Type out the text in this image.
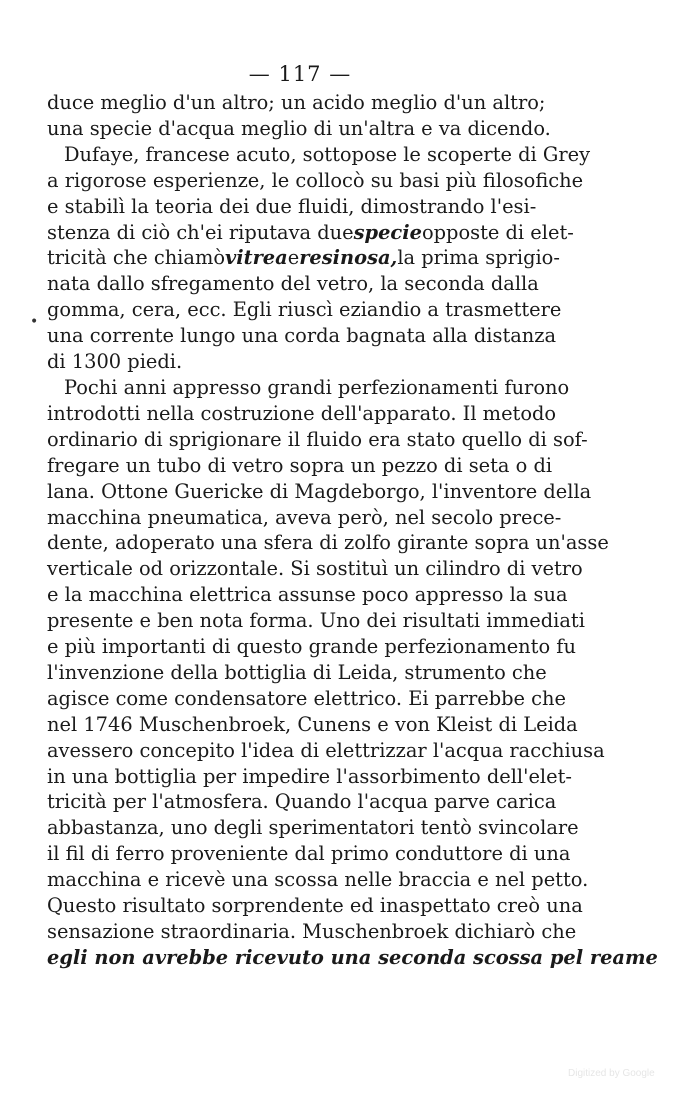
— 117 —
•
duce meglio d'un altro; un acido meglio d'un altro;
una specie d'acqua meglio di un'altra e va dicendo.
Dufaye, francese acuto, sottopose le scoperte di Grey
a rigorose esperienze, le collocò su basi più filosofiche
e stabilì la teoria dei due fluidi, dimostrando l'esi-
stenza di ciò ch'ei riputava due specie opposte di elet-
tricità che chiamò vitrea e resinosa, la prima sprigio-
nata dallo sfregamento del vetro, la seconda dalla
gomma, cera, ecc. Egli riuscì eziandio a trasmettere
una corrente lungo una corda bagnata alla distanza
di 1300 piedi.
Pochi anni appresso grandi perfezionamenti furono
introdotti nella costruzione dell'apparato. Il metodo
ordinario di sprigionare il fluido era stato quello di sof-
fregare un tubo di vetro sopra un pezzo di seta o di
lana. Ottone Guericke di Magdeborgo, l'inventore della
macchina pneumatica, aveva però, nel secolo prece-
dente, adoperato una sfera di zolfo girante sopra un'asse
verticale od orizzontale. Si sostituì un cilindro di vetro
e la macchina elettrica assunse poco appresso la sua
presente e ben nota forma. Uno dei risultati immediati
e più importanti di questo grande perfezionamento fu
l'invenzione della bottiglia di Leida, strumento che
agisce come condensatore elettrico. Ei parrebbe che
nel 1746 Muschenbroek, Cunens e von Kleist di Leida
avessero concepito l'idea di elettrizzar l'acqua racchiusa
in una bottiglia per impedire l'assorbimento dell'elet-
tricità per l'atmosfera. Quando l'acqua parve carica
abbastanza, uno degli sperimentatori tentò svincolare
il fil di ferro proveniente dal primo conduttore di una
macchina e ricevè una scossa nelle braccia e nel petto.
Questo risultato sorprendente ed inaspettato creò una
sensazione straordinaria. Muschenbroek dichiarò che
egli non avrebbe ricevuto una seconda scossa pel reame
Digitized by Google
